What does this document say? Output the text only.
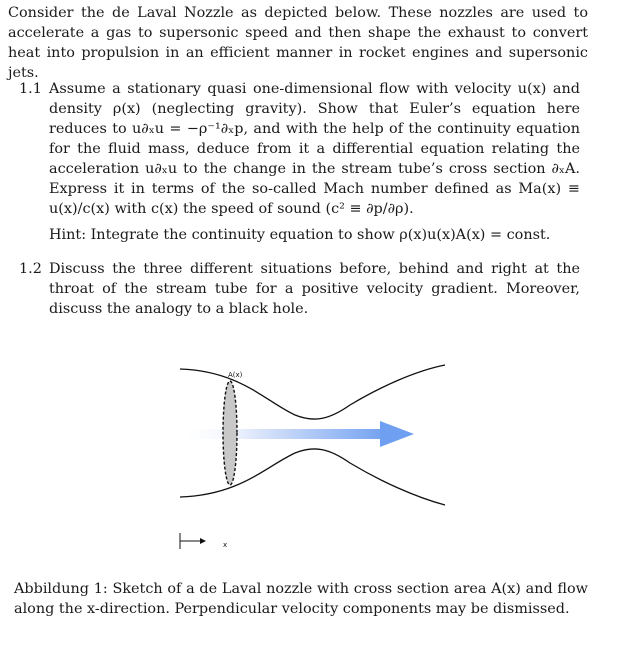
Consider the de Laval Nozzle as depicted below. These nozzles are used to accelerate a gas to supersonic speed and then shape the exhaust to convert heat into propulsion in an efficient manner in rocket engines and supersonic jets.
1.1 Assume a stationary quasi one-dimensional flow with velocity u(x) and density ρ(x) (neglecting gravity). Show that Euler’s equation here reduces to u∂ₓu = −ρ⁻¹∂ₓp, and with the help of the continuity equation for the fluid mass, deduce from it a differential equation relating the acceleration u∂ₓu to the change in the stream tube’s cross section ∂ₓA. Express it in terms of the so-called Mach number defined as Ma(x) ≡ u(x)/c(x) with c(x) the speed of sound (c² ≡ ∂p/∂ρ).
Hint: Integrate the continuity equation to show ρ(x)u(x)A(x) = const.
1.2 Discuss the three different situations before, behind and right at the throat of the stream tube for a positive velocity gradient. Moreover, discuss the analogy to a black hole.
A(x)
x
Abbildung 1: Sketch of a de Laval nozzle with cross section area A(x) and flow along the x-direction. Perpendicular velocity components may be dismissed.
